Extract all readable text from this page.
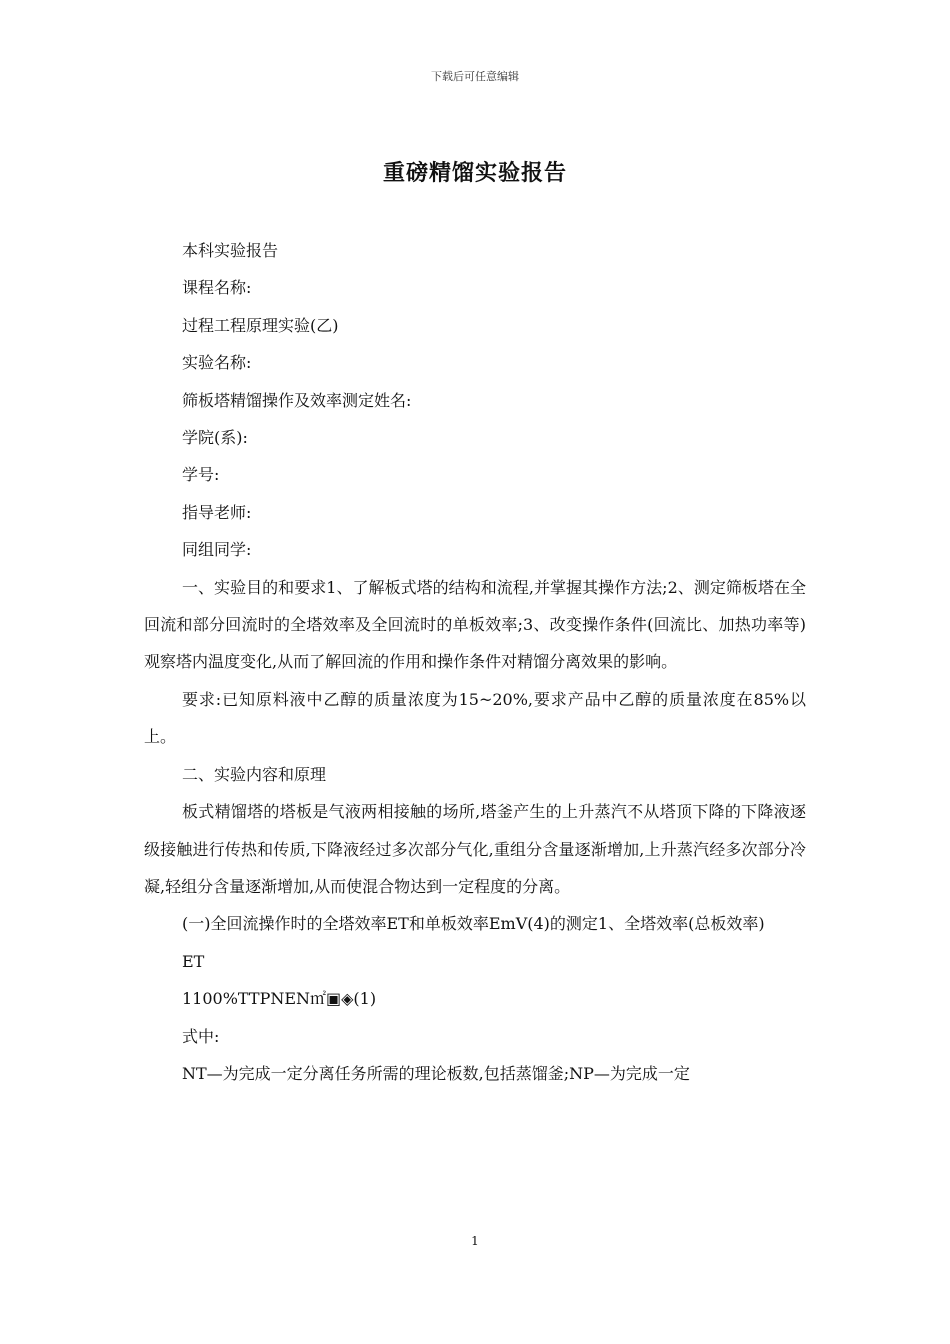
下载后可任意编辑
重磅精馏实验报告

本科实验报告

课程名称:

过程工程原理实验(乙)

实验名称:

筛板塔精馏操作及效率测定姓名:

学院(系):

学号:

指导老师:

同组同学:

一、实验目的和要求1、了解板式塔的结构和流程,并掌握其操作方法;2、测定筛板塔在全回流和部分回流时的全塔效率及全回流时的单板效率;3、改变操作条件(回流比、加热功率等)观察塔内温度变化,从而了解回流的作用和操作条件对精馏分离效果的影响。

要求:已知原料液中乙醇的质量浓度为15~20%,要求产品中乙醇的质量浓度在85%以上。

二、实验内容和原理

板式精馏塔的塔板是气液两相接触的场所,塔釜产生的上升蒸汽不从塔顶下降的下降液逐级接触进行传热和传质,下降液经过多次部分气化,重组分含量逐渐增加,上升蒸汽经多次部分冷凝,轻组分含量逐渐增加,从而使混合物达到一定程度的分离。

(一)全回流操作时的全塔效率ET和单板效率EmV(4)的测定1、全塔效率(总板效率)

ET

1100%TTPNEN㎡▣◈(1)

式中:

NT—为完成一定分离任务所需的理论板数,包括蒸馏釜;NP—为完成一定

1
